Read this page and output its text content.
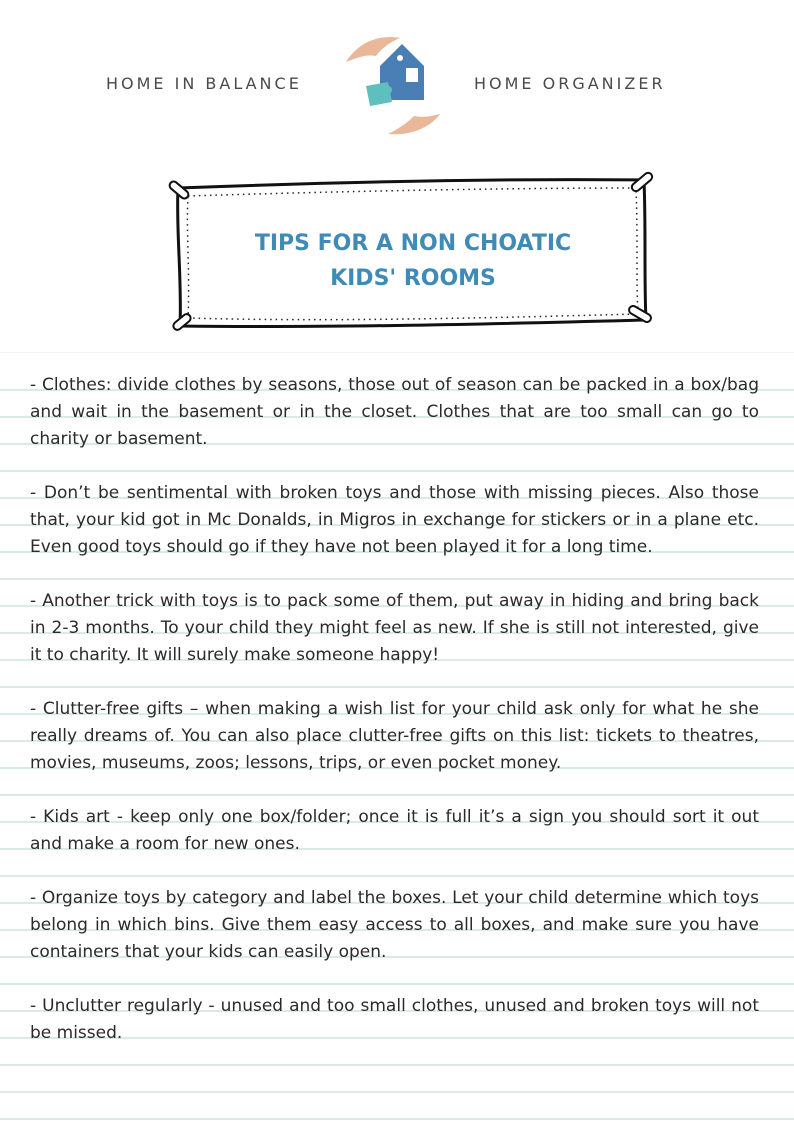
HOME IN BALANCE	HOME ORGANIZER
TIPS FOR A NON CHOATIC
KIDS' ROOMS

- Clothes: divide clothes by seasons, those out of season can be packed in a box/bag and wait in the basement or in the closet. Clothes that are too small can go to charity or basement.

- Don’t be sentimental with broken toys and those with missing pieces. Also those that, your kid got in Mc Donalds, in Migros in exchange for stickers or in a plane etc. Even good toys should go if they have not been played it for a long time.

- Another trick with toys is to pack some of them, put away in hiding and bring back in 2-3 months. To your child they might feel as new. If she is still not interested, give it to charity. It will surely make someone happy!

- Clutter-free gifts – when making a wish list for your child ask only for what he she really dreams of. You can also place clutter-free gifts on this list: tickets to theatres, movies, museums, zoos; lessons, trips, or even pocket money.

- Kids art - keep only one box/folder; once it is full it’s a sign you should sort it out and make a room for new ones.

- Organize toys by category and label the boxes. Let your child determine which toys belong in which bins. Give them easy access to all boxes, and make sure you have containers that your kids can easily open.

- Unclutter regularly - unused and too small clothes, unused and broken toys will not be missed.
